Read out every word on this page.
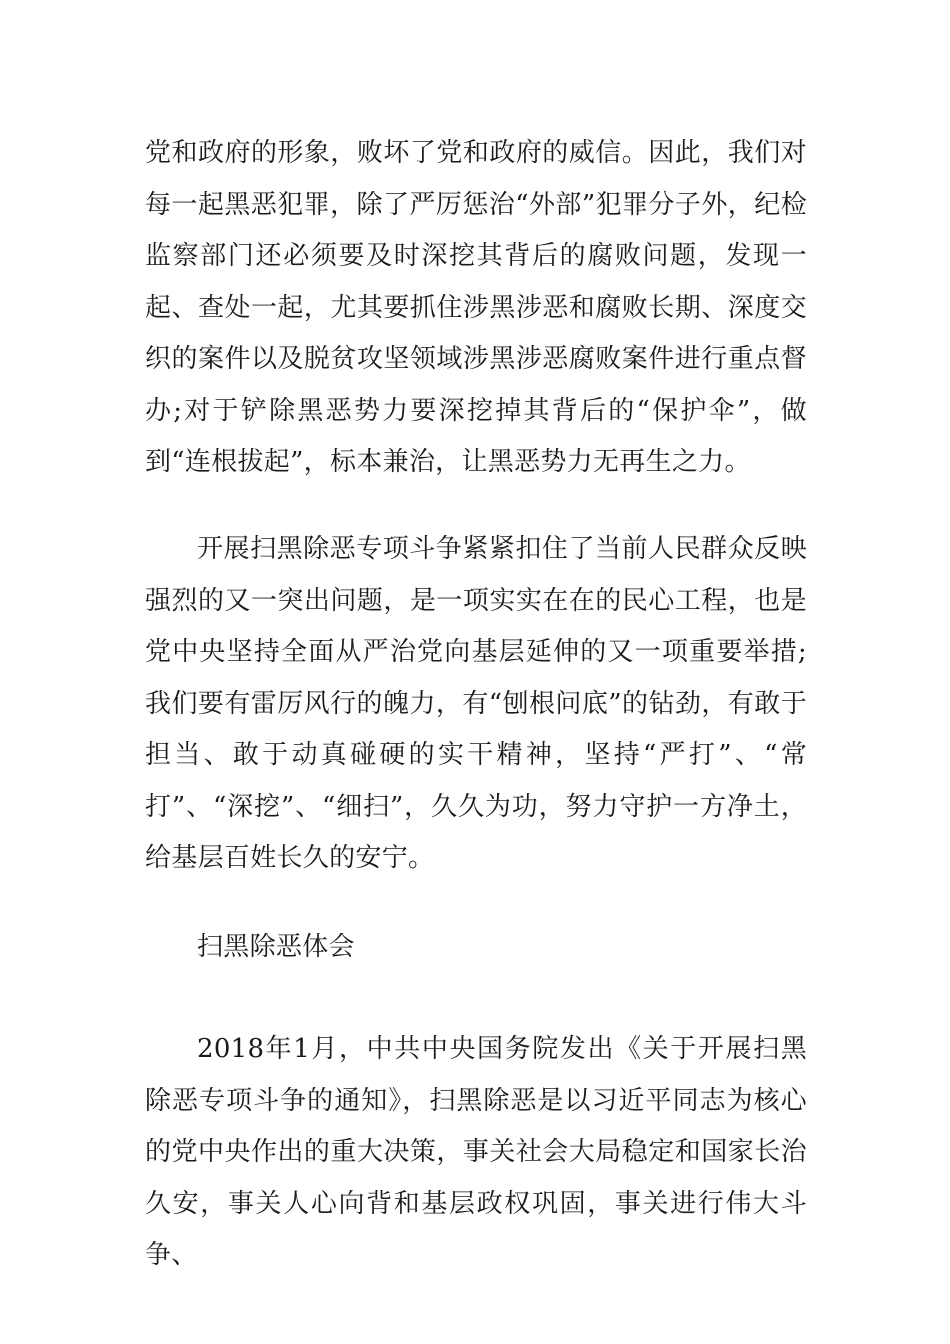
党和政府的形象，败坏了党和政府的威信。因此，我们对每一起黑恶犯罪，除了严厉惩治“外部”犯罪分子外，纪检监察部门还必须要及时深挖其背后的腐败问题，发现一起、查处一起，尤其要抓住涉黑涉恶和腐败长期、深度交织的案件以及脱贫攻坚领域涉黑涉恶腐败案件进行重点督办;对于铲除黑恶势力要深挖掉其背后的“保护伞”，做到“连根拔起”，标本兼治，让黑恶势力无再生之力。

开展扫黑除恶专项斗争紧紧扣住了当前人民群众反映强烈的又一突出问题，是一项实实在在的民心工程，也是党中央坚持全面从严治党向基层延伸的又一项重要举措;我们要有雷厉风行的魄力，有“刨根问底”的钻劲，有敢于担当、敢于动真碰硬的实干精神，坚持“严打”、“常打”、“深挖”、“细扫”，久久为功，努力守护一方净土，给基层百姓长久的安宁。

扫黑除恶体会

2018年1月，中共中央国务院发出《关于开展扫黑除恶专项斗争的通知》，扫黑除恶是以习近平同志为核心的党中央作出的重大决策，事关社会大局稳定和国家长治久安，事关人心向背和基层政权巩固，事关进行伟大斗争、
